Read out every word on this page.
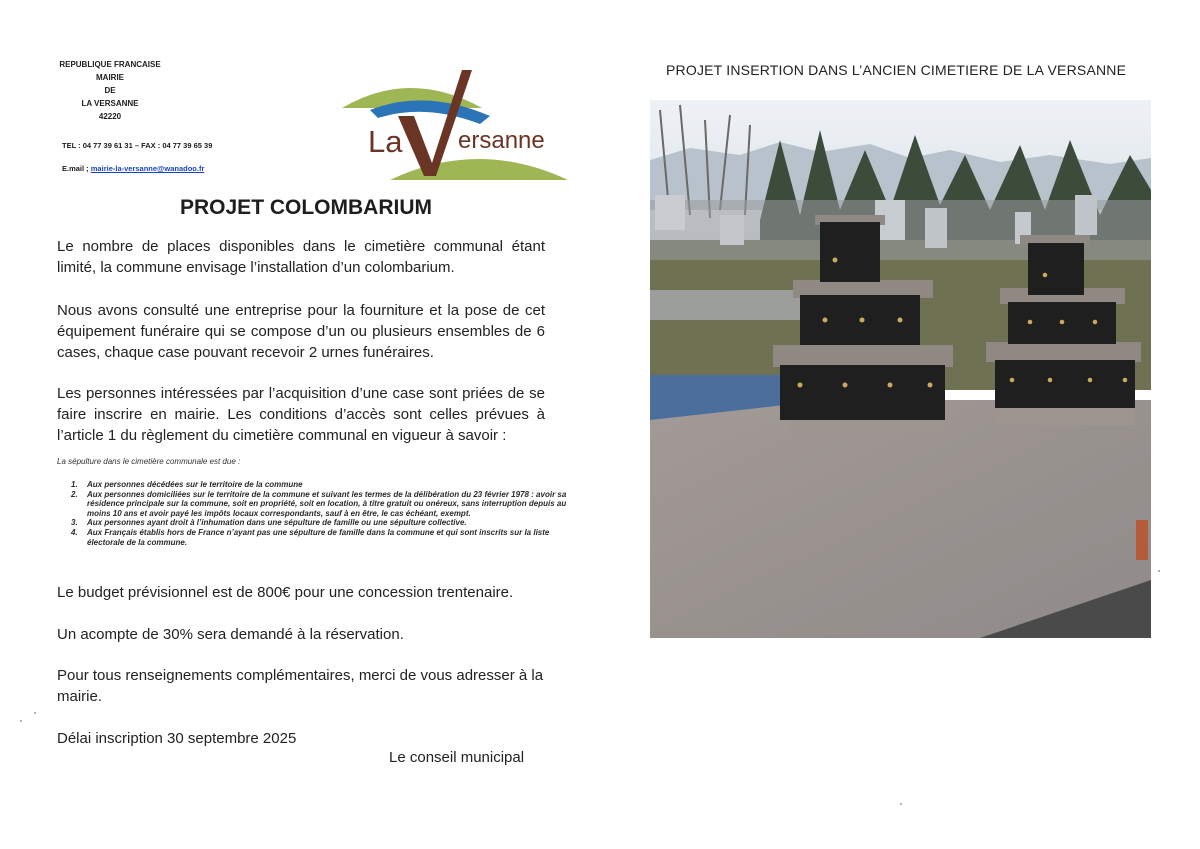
REPUBLIQUE FRANCAISE
MAIRIE
DE
LA VERSANNE
42220
TEL : 04 77 39 61 31 – FAX : 04 77 39 65 39
E.mail ; mairie-la-versanne@wanadoo.fr
La ersanne
PROJET COLOMBARIUM
Le nombre de places disponibles dans le cimetière communal étant limité, la commune envisage l’installation d’un colombarium.
Nous avons consulté une entreprise pour la fourniture et la pose de cet équipement funéraire qui se compose d’un ou plusieurs ensembles de 6 cases, chaque case pouvant recevoir 2 urnes funéraires.
Les personnes intéressées par l’acquisition d’une case sont priées de se faire inscrire en mairie. Les conditions d’accès sont celles prévues à l’article 1 du règlement du cimetière communal en vigueur à savoir :
La sépulture dans le cimetière communale est due :
1. Aux personnes décédées sur le territoire de la commune
2. Aux personnes domiciliées sur le territoire de la commune et suivant les termes de la délibération du 23 février 1978 : avoir sa résidence principale sur la commune, soit en propriété, soit en location, à titre gratuit ou onéreux, sans interruption depuis au moins 10 ans et avoir payé les impôts locaux correspondants, sauf à en être, le cas échéant, exempt.
3. Aux personnes ayant droit à l’inhumation dans une sépulture de famille ou une sépulture collective.
4. Aux Français établis hors de France n’ayant pas une sépulture de famille dans la commune et qui sont inscrits sur la liste électorale de la commune.
Le budget prévisionnel est de 800€ pour une concession trentenaire.
Un acompte de 30% sera demandé à la réservation.
Pour tous renseignements complémentaires, merci de vous adresser à la mairie.
Délai inscription 30 septembre 2025
Le conseil municipal
PROJET INSERTION DANS L’ANCIEN CIMETIERE DE LA VERSANNE
